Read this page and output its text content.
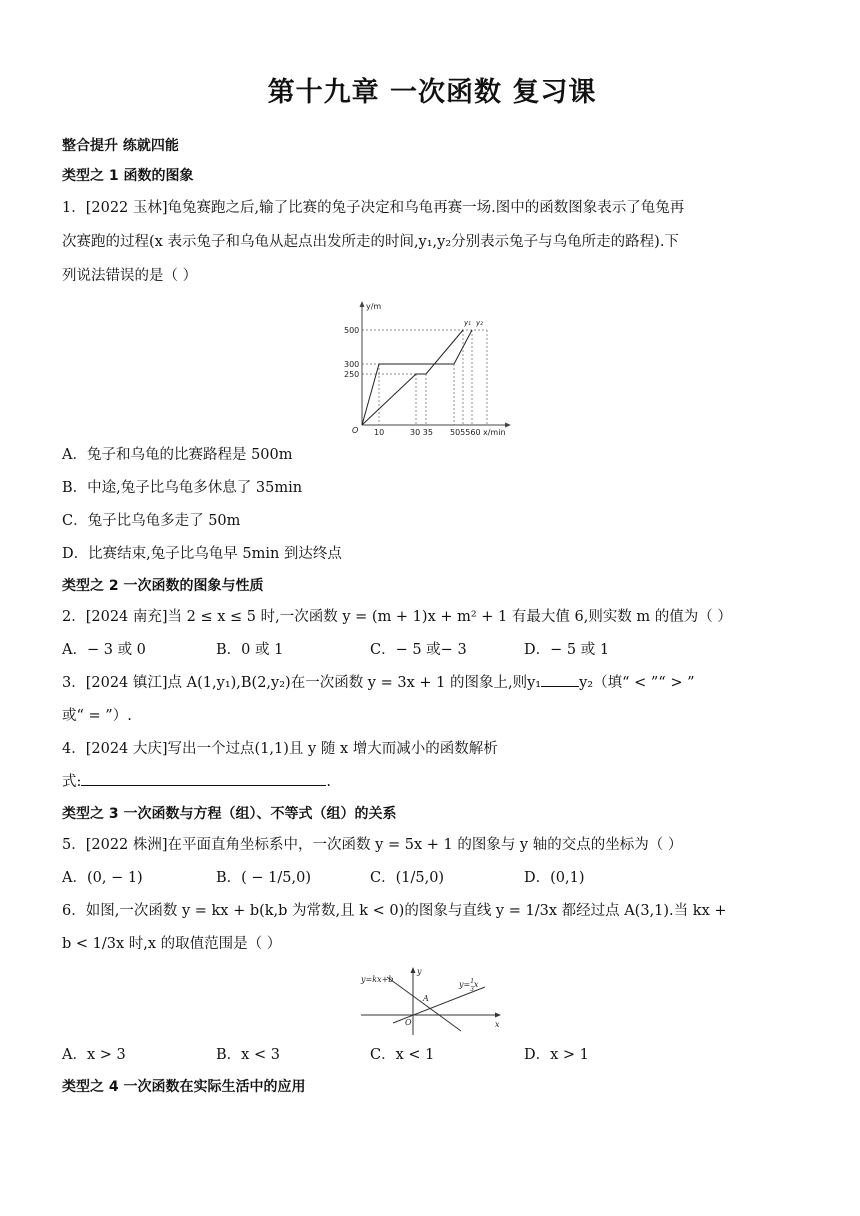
第十九章 一次函数 复习课

整合提升 练就四能

类型之 1 函数的图象

1．[2022 玉林]龟兔赛跑之后,输了比赛的兔子决定和乌龟再赛一场.图中的函数图象表示了龟兔再

次赛跑的过程(x 表示兔子和乌龟从起点出发所走的时间,y₁,y₂分别表示兔子与乌龟所走的路程).下

列说法错误的是（ ）

y/m
x/min
O
500
300
250
10	30 35 505560
y₁ y₂

A．兔子和乌龟的比赛路程是 500m

B．中途,兔子比乌龟多休息了 35min

C．兔子比乌龟多走了 50m

D．比赛结束,兔子比乌龟早 5min 到达终点

类型之 2 一次函数的图象与性质

2．[2024 南充]当 2 ≤ x ≤ 5 时,一次函数 y = (m + 1)x + m² + 1 有最大值 6,则实数 m 的值为（ ）

A．− 3 或 0	B．0 或 1	C．− 5 或− 3	D．− 5 或 1

3．[2024 镇江]点 A(1,y₁),B(2,y₂)在一次函数 y = 3x + 1 的图象上,则y₁	y₂（填“ < ”“ > ”

或“ = ”）.

4．[2024 大庆]写出一个过点(1,1)且 y 随 x 增大而减小的函数解析

式:	.

类型之 3 一次函数与方程（组）、不等式（组）的关系

5．[2022 株洲]在平面直角坐标系中，一次函数 y = 5x + 1 的图象与 y 轴的交点的坐标为（ ）

A．(0, − 1)	B．( − 1/5,0)	C．(1/5,0)	D．(0,1)

6．如图,一次函数 y = kx + b(k,b 为常数,且 k < 0)的图象与直线 y = 1/3x 都经过点 A(3,1).当 kx +

b < 1/3x 时,x 的取值范围是（ ）

x
y
O
y=kx+b
y=$^1$ 3x
A
A．x > 3	B．x < 3	C．x < 1	D．x > 1

类型之 4 一次函数在实际生活中的应用
